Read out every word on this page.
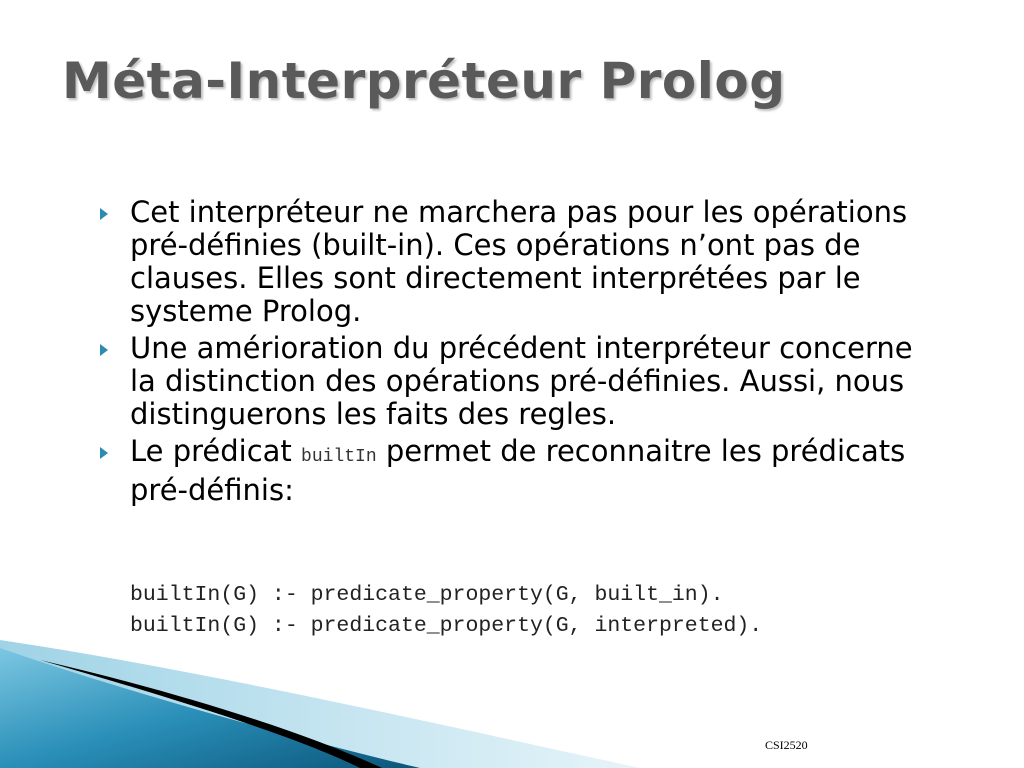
Méta-Interpréteur Prolog
Cet interpréteur ne marchera pas pour les opérations pré-définies (built-in). Ces opérations n’ont pas de clauses. Elles sont directement interprétées par le systeme Prolog.
Une amérioration du précédent interpréteur concerne la distinction des opérations pré-définies. Aussi, nous distinguerons les faits des regles.
Le prédicat builtIn permet de reconnaitre les prédicats pré-définis:
builtIn(G) :- predicate_property(G, built_in).
builtIn(G) :- predicate_property(G, interpreted).
CSI2520
